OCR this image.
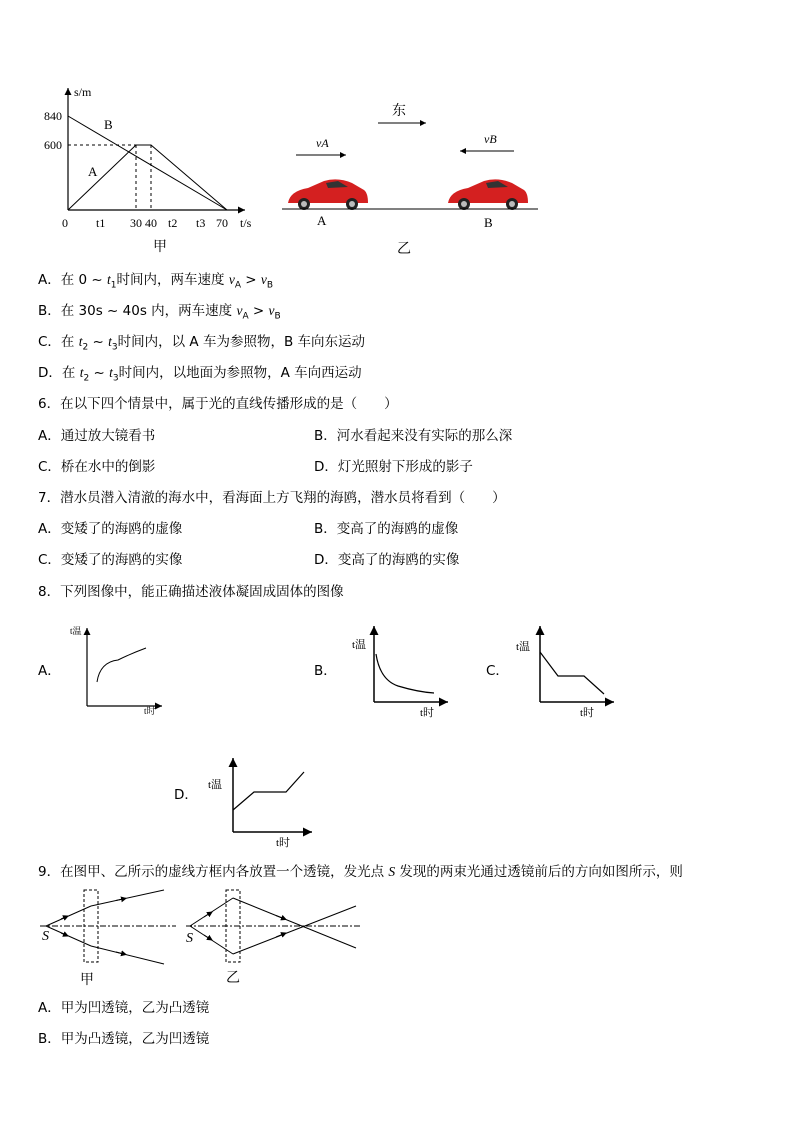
s/m
840
600
0 t1 30 40 t2 t3 70 t/s
B
A
甲
东
vA	vB
A	B
乙
A．在 0 ~ $t_1$时间内，两车速度 $v_A > v_B$
B．在 30s ~ 40s 内，两车速度 $v_A > v_B$
C．在 $t_2$ ~ $t_3$时间内，以 A 车为参照物，B 车向东运动
D．在 $t_2$ ~ $t_3$时间内，以地面为参照物，A 车向西运动
6．在以下四个情景中，属于光的直线传播形成的是（　　）
A．通过放大镜看书	B．河水看起来没有实际的那么深
C．桥在水中的倒影	D．灯光照射下形成的影子
7．潜水员潜入清澈的海水中，看海面上方飞翔的海鸥，潜水员将看到（　　）
A．变矮了的海鸥的虚像	B．变高了的海鸥的虚像
C．变矮了的海鸥的实像	D．变高了的海鸥的实像
8．下列图像中，能正确描述液体凝固成固体的图像
A．
t温
t时
B．
t温
t时
C．
t温
t时
D．
t温
t时
9．在图甲、乙所示的虚线方框内各放置一个透镜，发光点 S 发现的两束光通过透镜前后的方向如图所示，则
S
甲
S
乙
A．甲为凹透镜，乙为凸透镜
B．甲为凸透镜，乙为凹透镜
